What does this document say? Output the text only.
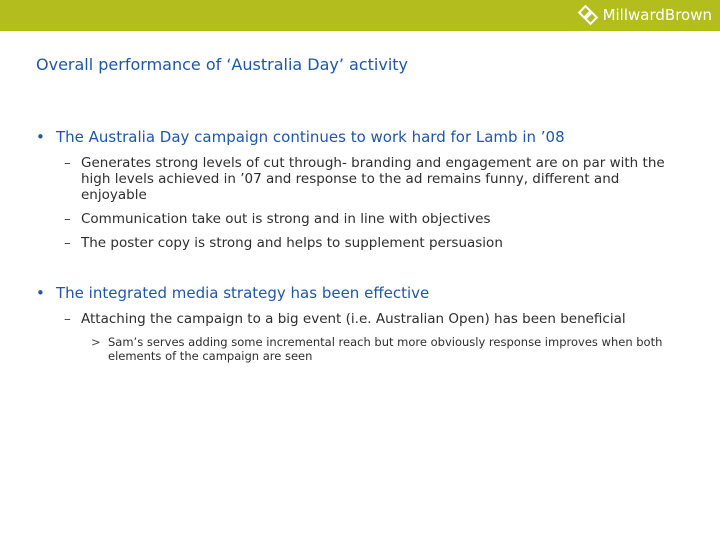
MillwardBrown
Overall performance of ‘Australia Day’ activity
• The Australia Day campaign continues to work hard for Lamb in ’08
– Generates strong levels of cut through- branding and engagement are on par with the high levels achieved in ’07 and response to the ad remains funny, different and enjoyable
– Communication take out is strong and in line with objectives
– The poster copy is strong and helps to supplement persuasion
• The integrated media strategy has been effective
– Attaching the campaign to a big event (i.e. Australian Open) has been beneficial
> Sam’s serves adding some incremental reach but more obviously response improves when both elements of the campaign are seen
